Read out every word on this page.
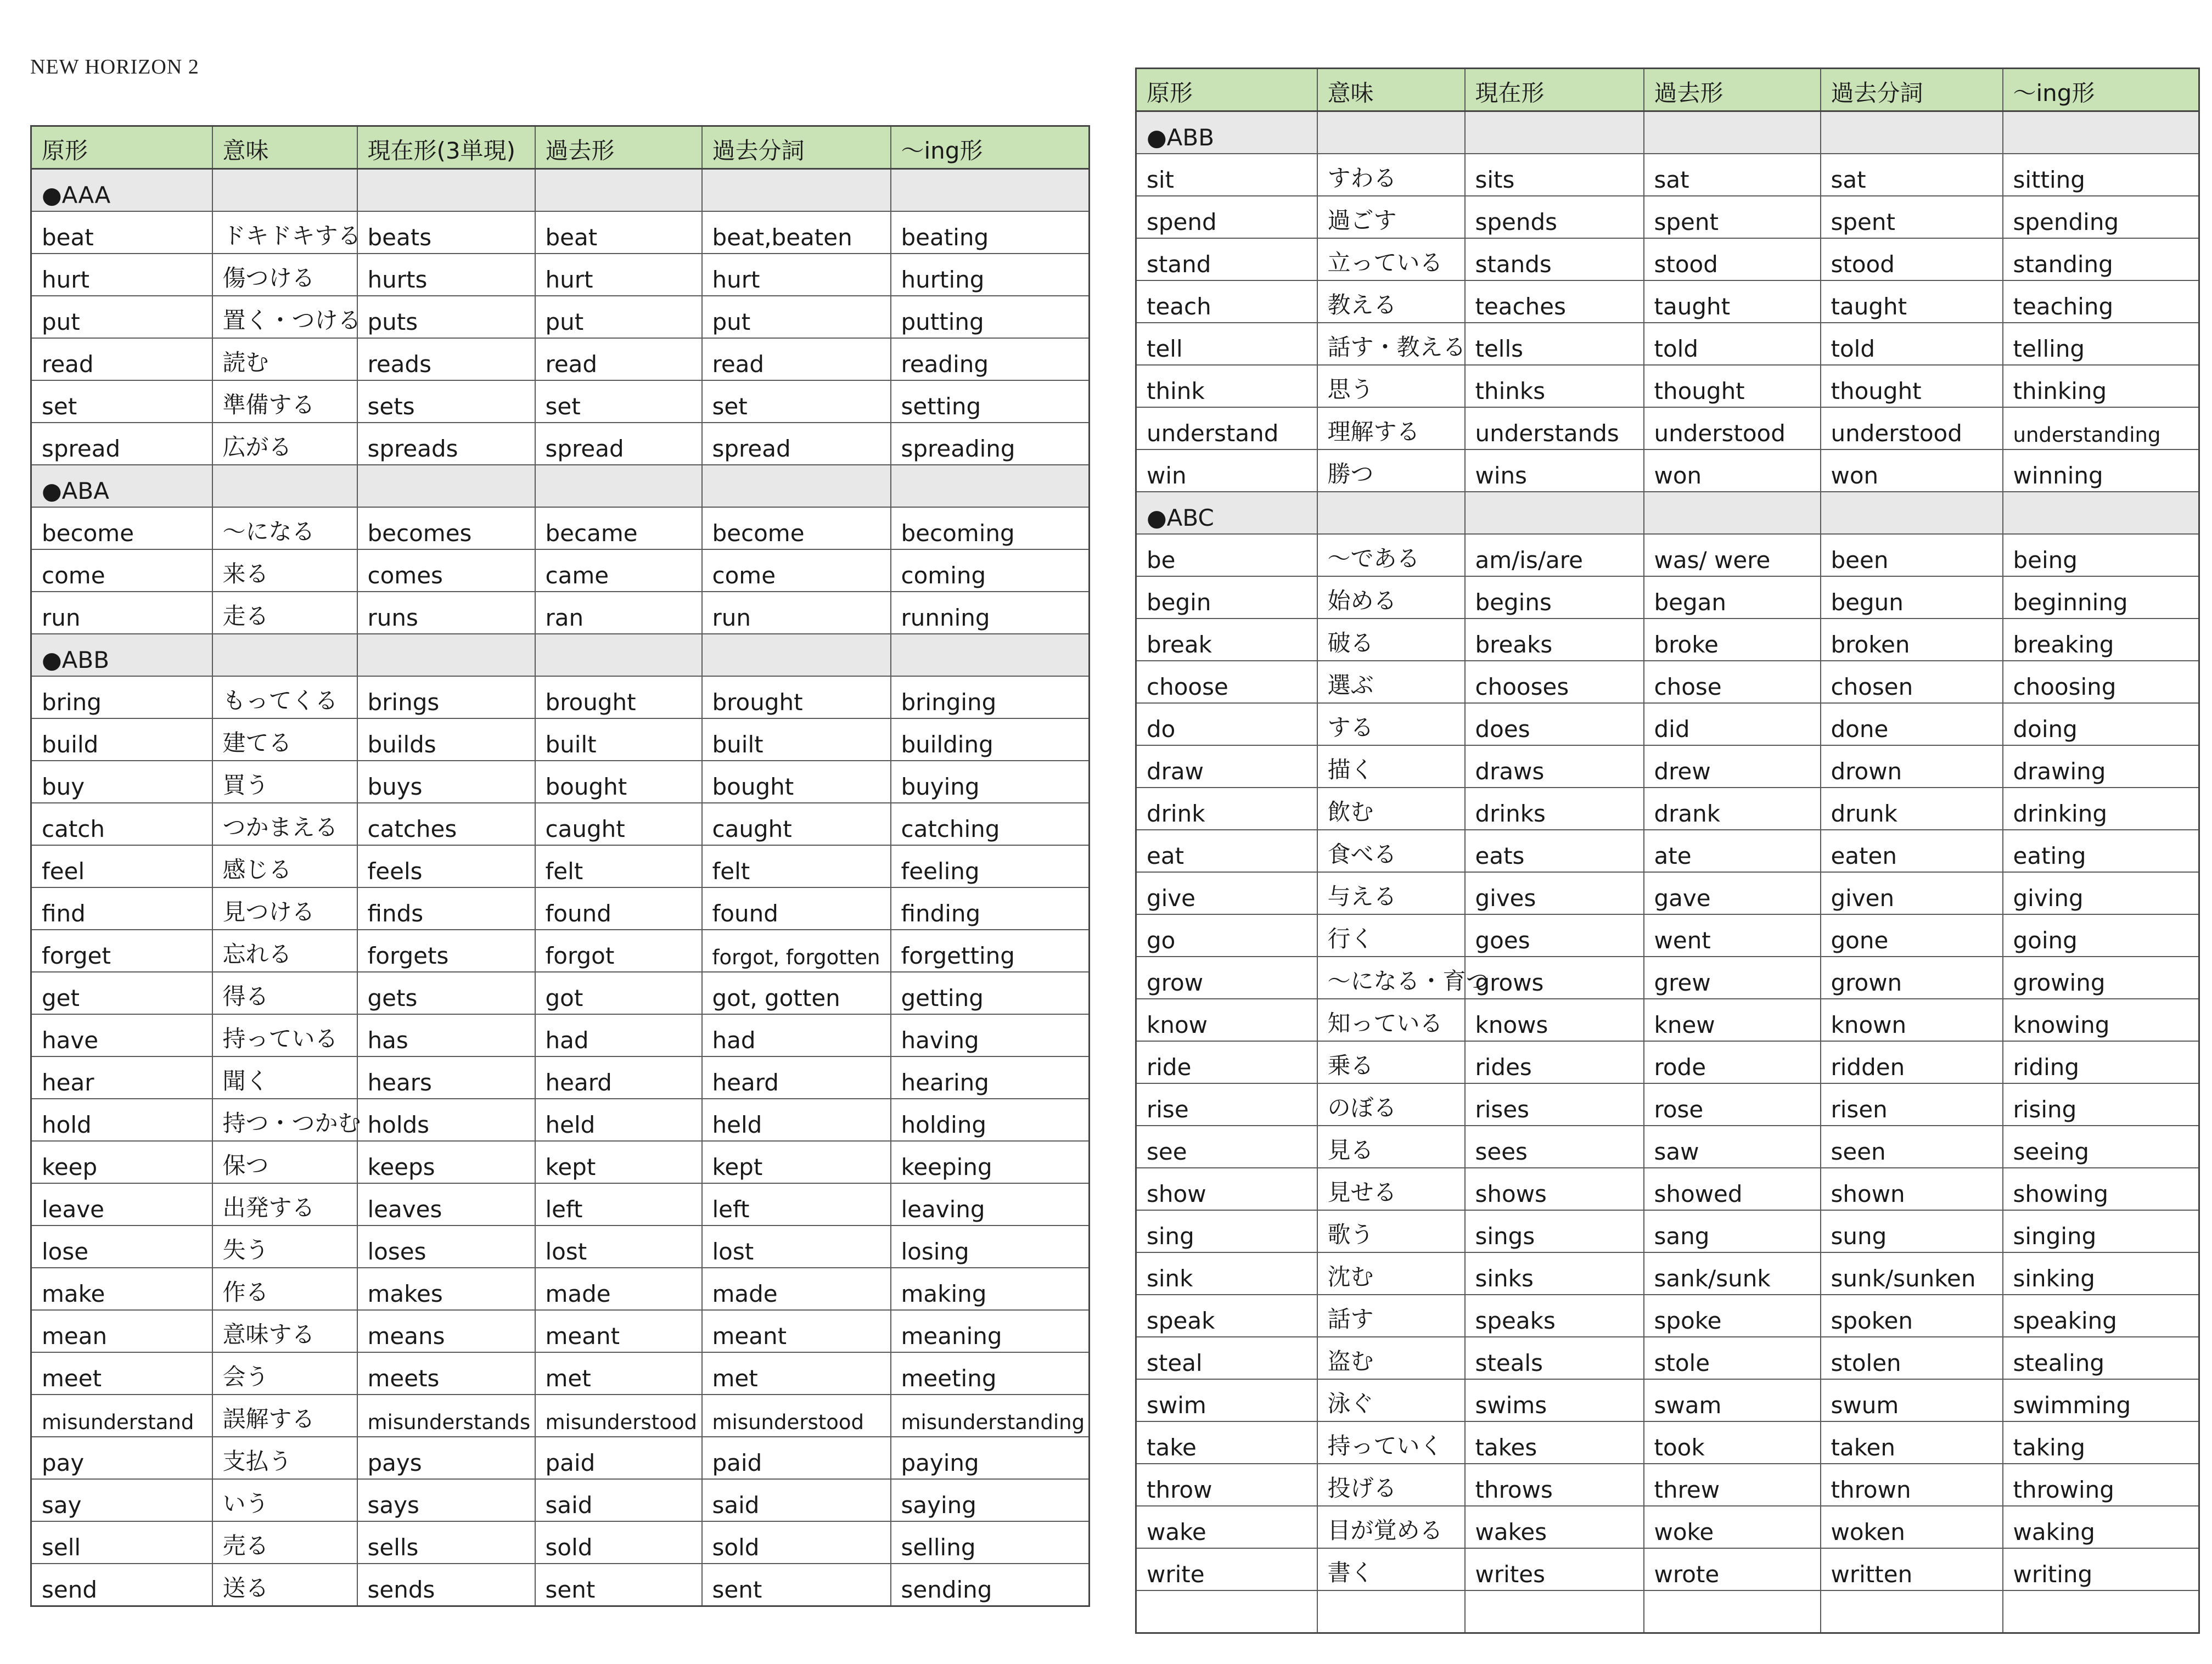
NEW HORIZON 2
原形	意味	現在形(3単現)	過去形	過去分詞	～ing形
●AAA					
beat	ドキドキする	beats	beat	beat,beaten	beating
hurt	傷つける	hurts	hurt	hurt	hurting
put	置く・つける	puts	put	put	putting
read	読む	reads	read	read	reading
set	準備する	sets	set	set	setting
spread	広がる	spreads	spread	spread	spreading
●ABA					
become	～になる	becomes	became	become	becoming
come	来る	comes	came	come	coming
run	走る	runs	ran	run	running
●ABB					
bring	もってくる	brings	brought	brought	bringing
build	建てる	builds	built	built	building
buy	買う	buys	bought	bought	buying
catch	つかまえる	catches	caught	caught	catching
feel	感じる	feels	felt	felt	feeling
find	見つける	finds	found	found	finding
forget	忘れる	forgets	forgot	forgot, forgotten	forgetting
get	得る	gets	got	got, gotten	getting
have	持っている	has	had	had	having
hear	聞く	hears	heard	heard	hearing
hold	持つ・つかむ	holds	held	held	holding
keep	保つ	keeps	kept	kept	keeping
leave	出発する	leaves	left	left	leaving
lose	失う	loses	lost	lost	losing
make	作る	makes	made	made	making
mean	意味する	means	meant	meant	meaning
meet	会う	meets	met	met	meeting
misunderstand	誤解する	misunderstands	misunderstood	misunderstood	misunderstanding
pay	支払う	pays	paid	paid	paying
say	いう	says	said	said	saying
sell	売る	sells	sold	sold	selling
send	送る	sends	sent	sent	sending
原形	意味	現在形	過去形	過去分詞	～ing形
●ABB					
sit	すわる	sits	sat	sat	sitting
spend	過ごす	spends	spent	spent	spending
stand	立っている	stands	stood	stood	standing
teach	教える	teaches	taught	taught	teaching
tell	話す・教える	tells	told	told	telling
think	思う	thinks	thought	thought	thinking
understand	理解する	understands	understood	understood	understanding
win	勝つ	wins	won	won	winning
●ABC					
be	～である	am/is/are	was/ were	been	being
begin	始める	begins	began	begun	beginning
break	破る	breaks	broke	broken	breaking
choose	選ぶ	chooses	chose	chosen	choosing
do	する	does	did	done	doing
draw	描く	draws	drew	drown	drawing
drink	飲む	drinks	drank	drunk	drinking
eat	食べる	eats	ate	eaten	eating
give	与える	gives	gave	given	giving
go	行く	goes	went	gone	going
grow	～になる・育つ	grows	grew	grown	growing
know	知っている	knows	knew	known	knowing
ride	乗る	rides	rode	ridden	riding
rise	のぼる	rises	rose	risen	rising
see	見る	sees	saw	seen	seeing
show	見せる	shows	showed	shown	showing
sing	歌う	sings	sang	sung	singing
sink	沈む	sinks	sank/sunk	sunk/sunken	sinking
speak	話す	speaks	spoke	spoken	speaking
steal	盗む	steals	stole	stolen	stealing
swim	泳ぐ	swims	swam	swum	swimming
take	持っていく	takes	took	taken	taking
throw	投げる	throws	threw	thrown	throwing
wake	目が覚める	wakes	woke	woken	waking
write	書く	writes	wrote	written	writing
